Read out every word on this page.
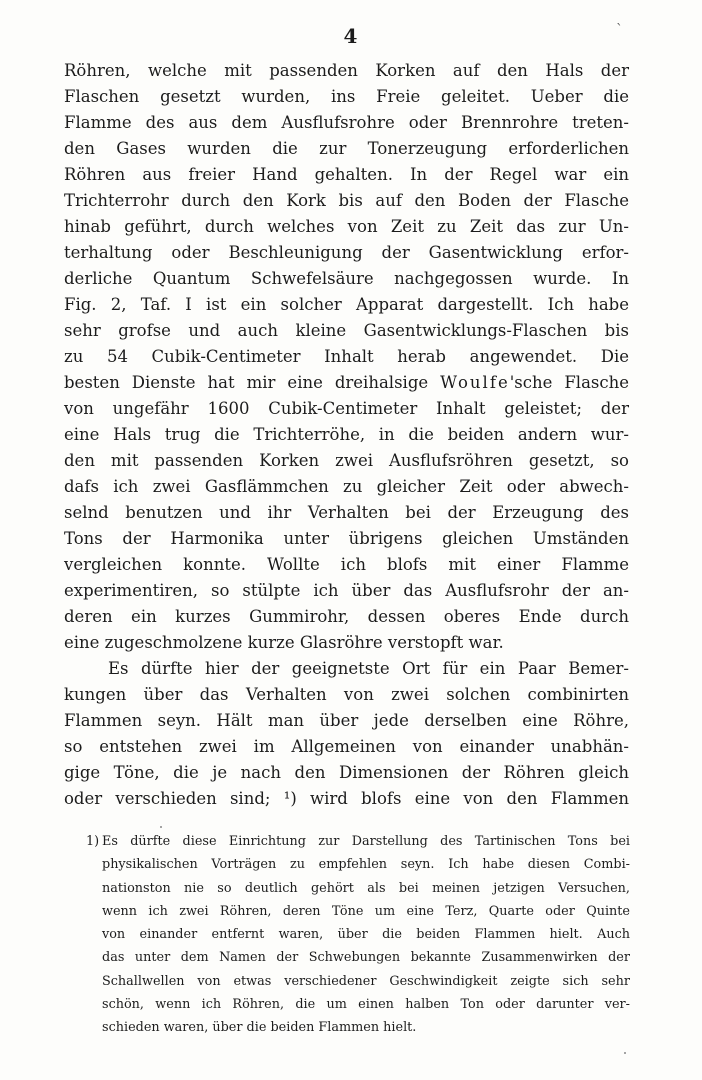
4	`
Röhren, welche mit passenden Korken auf den Hals der
Flaschen gesetzt wurden, ins Freie geleitet. Ueber die
Flamme des aus dem Ausflufsrohre oder Brennrohre treten-
den Gases wurden die zur Tonerzeugung erforderlichen
Röhren aus freier Hand gehalten. In der Regel war ein
Trichterrohr durch den Kork bis auf den Boden der Flasche
hinab geführt, durch welches von Zeit zu Zeit das zur Un-
terhaltung oder Beschleunigung der Gasentwicklung erfor-
derliche Quantum Schwefelsäure nachgegossen wurde. In
Fig. 2, Taf. I ist ein solcher Apparat dargestellt. Ich habe
sehr grofse und auch kleine Gasentwicklungs-Flaschen bis
zu 54 Cubik-Centimeter Inhalt herab angewendet. Die
besten Dienste hat mir eine dreihalsige Woulfe'sche Flasche
von ungefähr 1600 Cubik-Centimeter Inhalt geleistet; der
eine Hals trug die Trichterröhe, in die beiden andern wur-
den mit passenden Korken zwei Ausflufsröhren gesetzt, so
dafs ich zwei Gasflämmchen zu gleicher Zeit oder abwech-
selnd benutzen und ihr Verhalten bei der Erzeugung des
Tons der Harmonika unter übrigens gleichen Umständen
vergleichen konnte. Wollte ich blofs mit einer Flamme
experimentiren, so stülpte ich über das Ausflufsrohr der an-
deren ein kurzes Gummirohr, dessen oberes Ende durch
eine zugeschmolzene kurze Glasröhre verstopft war.
Es dürfte hier der geeignetste Ort für ein Paar Bemer-
kungen über das Verhalten von zwei solchen combinirten
Flammen seyn. Hält man über jede derselben eine Röhre,
so entstehen zwei im Allgemeinen von einander unabhän-
gige Töne, die je nach den Dimensionen der Röhren gleich
oder verschieden sind; ¹) wird blofs eine von den Flammen
1) Es dürfte diese Einrichtung zur Darstellung des Tartinischen Tons bei
physikalischen Vorträgen zu empfehlen seyn. Ich habe diesen Combi-
nationston nie so deutlich gehört als bei meinen jetzigen Versuchen,
wenn ich zwei Röhren, deren Töne um eine Terz, Quarte oder Quinte
von einander entfernt waren, über die beiden Flammen hielt. Auch
das unter dem Namen der Schwebungen bekannte Zusammenwirken der
Schallwellen von etwas verschiedener Geschwindigkeit zeigte sich sehr
schön, wenn ich Röhren, die um einen halben Ton oder darunter ver-
schieden waren, über die beiden Flammen hielt.
